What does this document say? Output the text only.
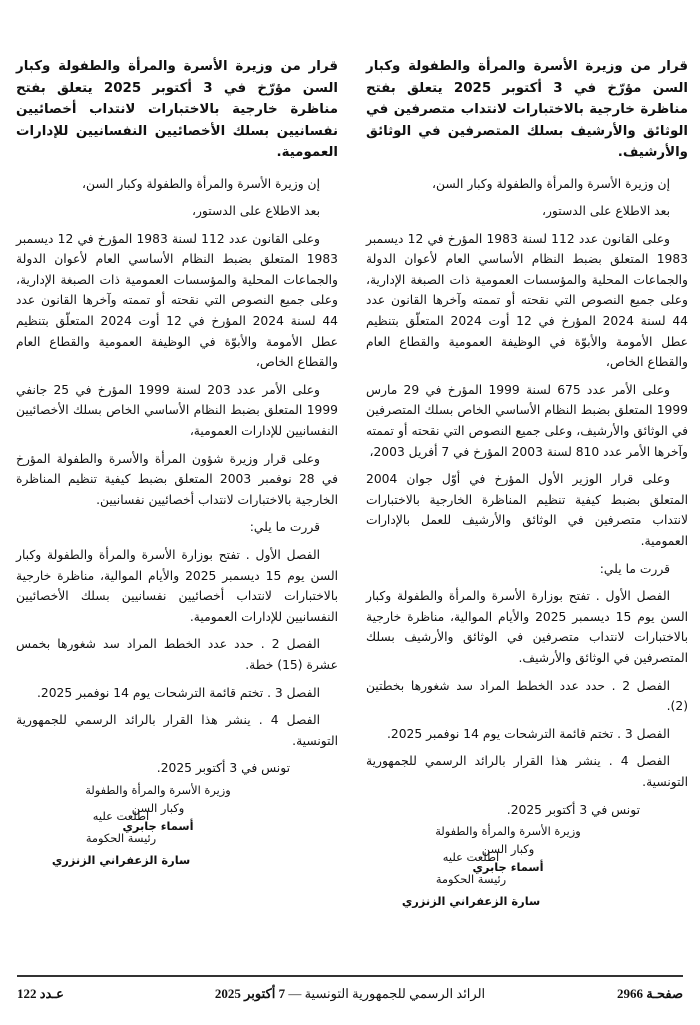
قرار من وزيرة الأسرة والمرأة والطفولة وكبار السن مؤرّخ في 3 أكتوبر 2025 يتعلق بفتح مناظرة خارجية بالاختبارات لانتداب متصرفين في الوثائق والأرشيف بسلك المتصرفين في الوثائق والأرشيف.
إن وزيرة الأسرة والمرأة والطفولة وكبار السن،
بعد الاطلاع على الدستور،
وعلى القانون عدد 112 لسنة 1983 المؤرخ في 12 ديسمبر 1983 المتعلق بضبط النظام الأساسي العام لأعوان الدولة والجماعات المحلية والمؤسسات العمومية ذات الصبغة الإدارية، وعلى جميع النصوص التي نقحته أو تممته وآخرها القانون عدد 44 لسنة 2024 المؤرخ في 12 أوت 2024 المتعلّق بتنظيم عطل الأمومة والأبوّة في الوظيفة العمومية والقطاع العام والقطاع الخاص،
وعلى الأمر عدد 675 لسنة 1999 المؤرخ في 29 مارس 1999 المتعلق بضبط النظام الأساسي الخاص بسلك المتصرفين في الوثائق والأرشيف، وعلى جميع النصوص التي نقحته أو تممته وآخرها الأمر عدد 810 لسنة 2003 المؤرخ في 7 أفريل 2003،
وعلى قرار الوزير الأول المؤرخ في أوّل جوان 2004 المتعلق بضبط كيفية تنظيم المناظرة الخارجية بالاختبارات لانتداب متصرفين في الوثائق والأرشيف للعمل بالإدارات العمومية.
قررت ما يلي:
الفصل الأول . تفتح بوزارة الأسرة والمرأة والطفولة وكبار السن يوم 15 ديسمبر 2025 والأيام الموالية، مناظرة خارجية بالاختبارات لانتداب متصرفين في الوثائق والأرشيف بسلك المتصرفين في الوثائق والأرشيف.
الفصل 2 . حدد عدد الخطط المراد سد شغورها بخطتين (2).
الفصل 3 . تختم قائمة الترشحات يوم 14 نوفمبر 2025.
الفصل 4 . ينشر هذا القرار بالرائد الرسمي للجمهورية التونسية.
تونس في 3 أكتوبر 2025.
وزيرة الأسرة والمرأة والطفولة
وكبار السن
أسماء جابري
اطلعت عليه
رئيسة الحكومة
سارة الزعفراني الزنزري
قرار من وزيرة الأسرة والمرأة والطفولة وكبار السن مؤرّخ في 3 أكتوبر 2025 يتعلق بفتح مناظرة خارجية بالاختبارات لانتداب أخصائيين نفسانيين بسلك الأخصائيين النفسانيين للإدارات العمومية.
إن وزيرة الأسرة والمرأة والطفولة وكبار السن،
بعد الاطلاع على الدستور،
وعلى القانون عدد 112 لسنة 1983 المؤرخ في 12 ديسمبر 1983 المتعلق بضبط النظام الأساسي العام لأعوان الدولة والجماعات المحلية والمؤسسات العمومية ذات الصبغة الإدارية، وعلى جميع النصوص التي نقحته أو تممته وآخرها القانون عدد 44 لسنة 2024 المؤرخ في 12 أوت 2024 المتعلّق بتنظيم عطل الأمومة والأبوّة في الوظيفة العمومية والقطاع العام والقطاع الخاص،
وعلى الأمر عدد 203 لسنة 1999 المؤرخ في 25 جانفي 1999 المتعلق بضبط النظام الأساسي الخاص بسلك الأخصائيين النفسانيين للإدارات العمومية،
وعلى قرار وزيرة شؤون المرأة والأسرة والطفولة المؤرخ في 28 نوفمبر 2003 المتعلق بضبط كيفية تنظيم المناظرة الخارجية بالاختبارات لانتداب أخصائيين نفسانيين.
قررت ما يلي:
الفصل الأول . تفتح بوزارة الأسرة والمرأة والطفولة وكبار السن يوم 15 ديسمبر 2025 والأيام الموالية، مناظرة خارجية بالاختبارات لانتداب أخصائيين نفسانيين بسلك الأخصائيين النفسانيين للإدارات العمومية.
الفصل 2 . حدد عدد الخطط المراد سد شغورها بخمس عشرة (15) خطة.
الفصل 3 . تختم قائمة الترشحات يوم 14 نوفمبر 2025.
الفصل 4 . ينشر هذا القرار بالرائد الرسمي للجمهورية التونسية.
تونس في 3 أكتوبر 2025.
وزيرة الأسرة والمرأة والطفولة
وكبار السن
أسماء جابري
اطلعت عليه
رئيسة الحكومة
سارة الزعفراني الزنزري
صفحـة 2966
الرائد الرسمي للجمهورية التونسية — 7 أكتوبر 2025
عـدد 122
